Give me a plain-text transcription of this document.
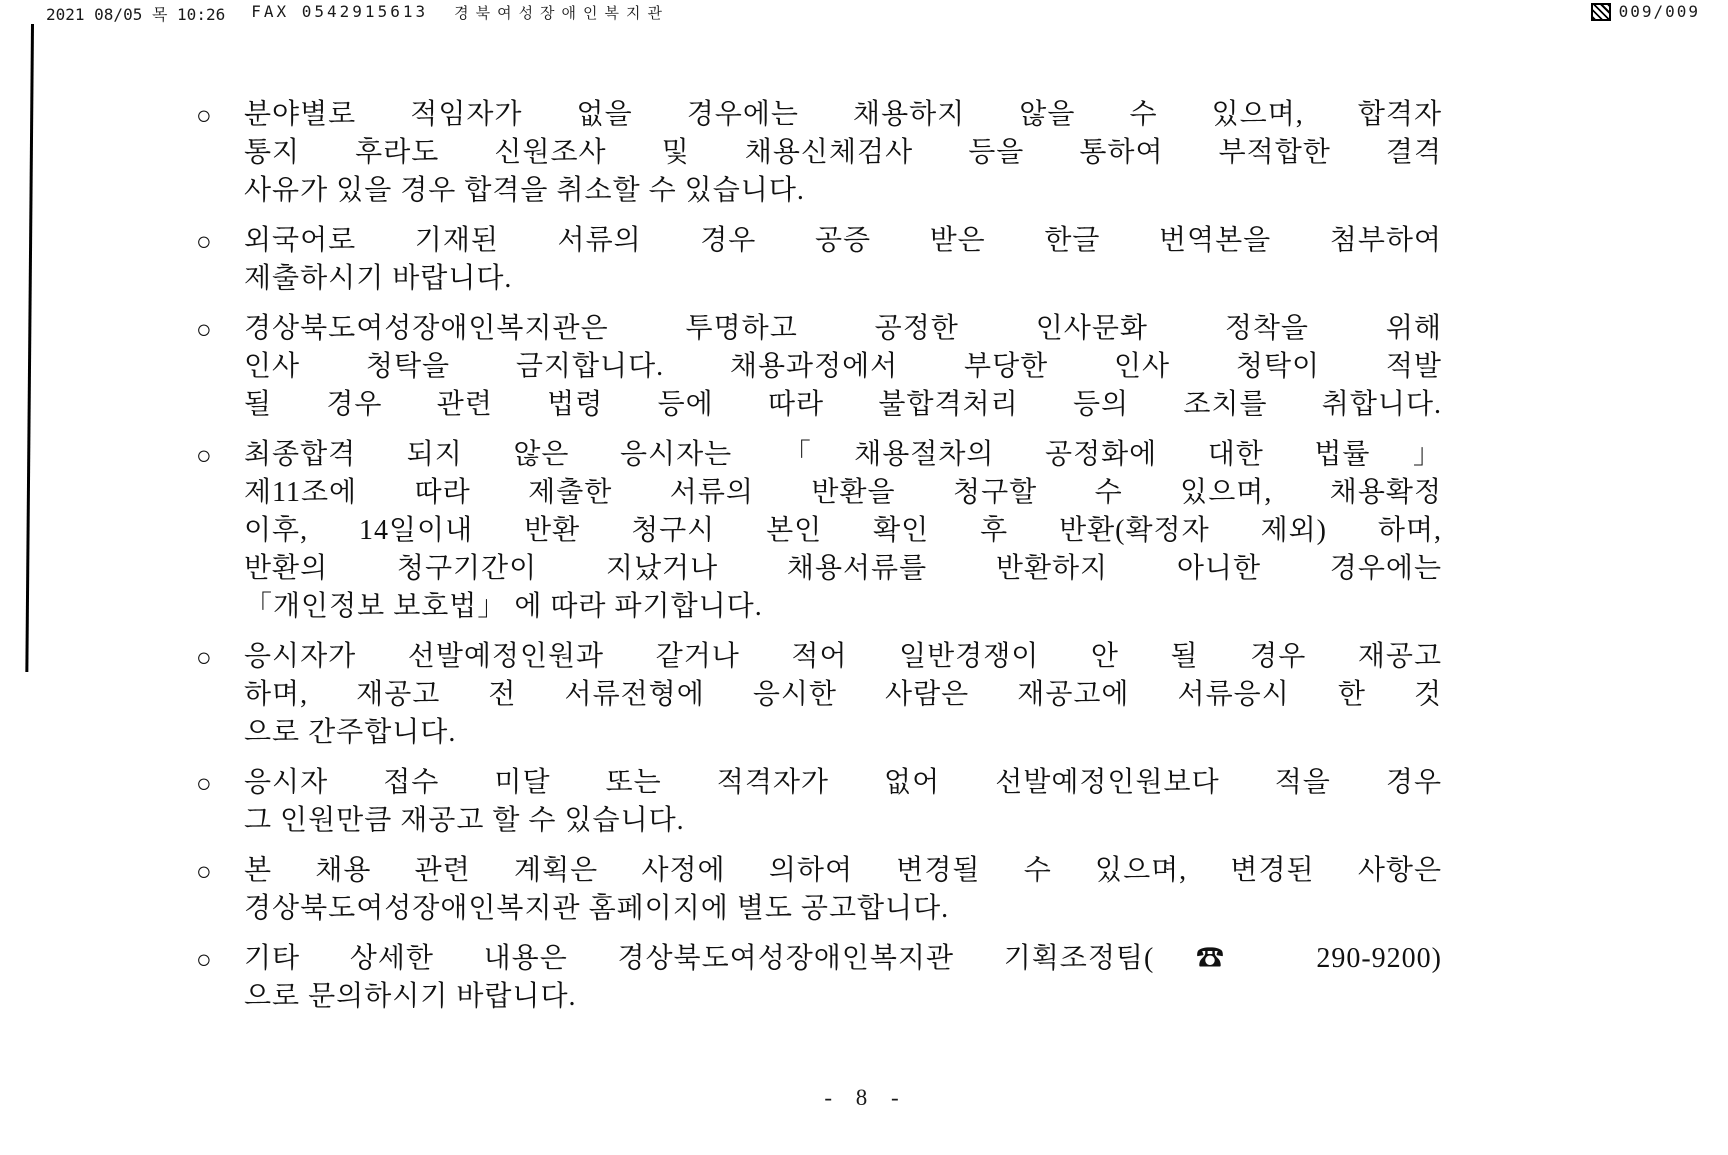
2021 08/05 목 10:26 FAX 0542915613 경북여성장애인복지관	009/009
○	분야별로 적임자가 없을 경우에는 채용하지 않을 수 있으며, 합격자
통지 후라도 신원조사 및 채용신체검사 등을 통하여 부적합한 결격
사유가 있을 경우 합격을 취소할 수 있습니다.
○	외국어로 기재된 서류의 경우 공증 받은 한글 번역본을 첨부하여
제출하시기 바랍니다.
○	경상북도여성장애인복지관은 투명하고 공정한 인사문화 정착을 위해
인사 청탁을 금지합니다. 채용과정에서 부당한 인사 청탁이 적발
될 경우 관련 법령 등에 따라 불합격처리 등의 조치를 취합니다.
○	최종합격 되지 않은 응시자는 「채용절차의 공정화에 대한 법률」
제11조에 따라 제출한 서류의 반환을 청구할 수 있으며, 채용확정
이후, 14일이내 반환 청구시 본인 확인 후 반환(확정자 제외) 하며,
반환의 청구기간이 지났거나 채용서류를 반환하지 아니한 경우에는
「개인정보 보호법」 에 따라 파기합니다.
○	응시자가 선발예정인원과 같거나 적어 일반경쟁이 안 될 경우 재공고
하며, 재공고 전 서류전형에 응시한 사람은 재공고에 서류응시 한 것
으로 간주합니다.
○	응시자 접수 미달 또는 적격자가 없어 선발예정인원보다 적을 경우
그 인원만큼 재공고 할 수 있습니다.
○	본 채용 관련 계획은 사정에 의하여 변경될 수 있으며, 변경된 사항은
경상북도여성장애인복지관 홈페이지에 별도 공고합니다.
○	기타 상세한 내용은 경상북도여성장애인복지관 기획조정팀(☎ 290-9200)
으로 문의하시기 바랍니다.
- 8 -
